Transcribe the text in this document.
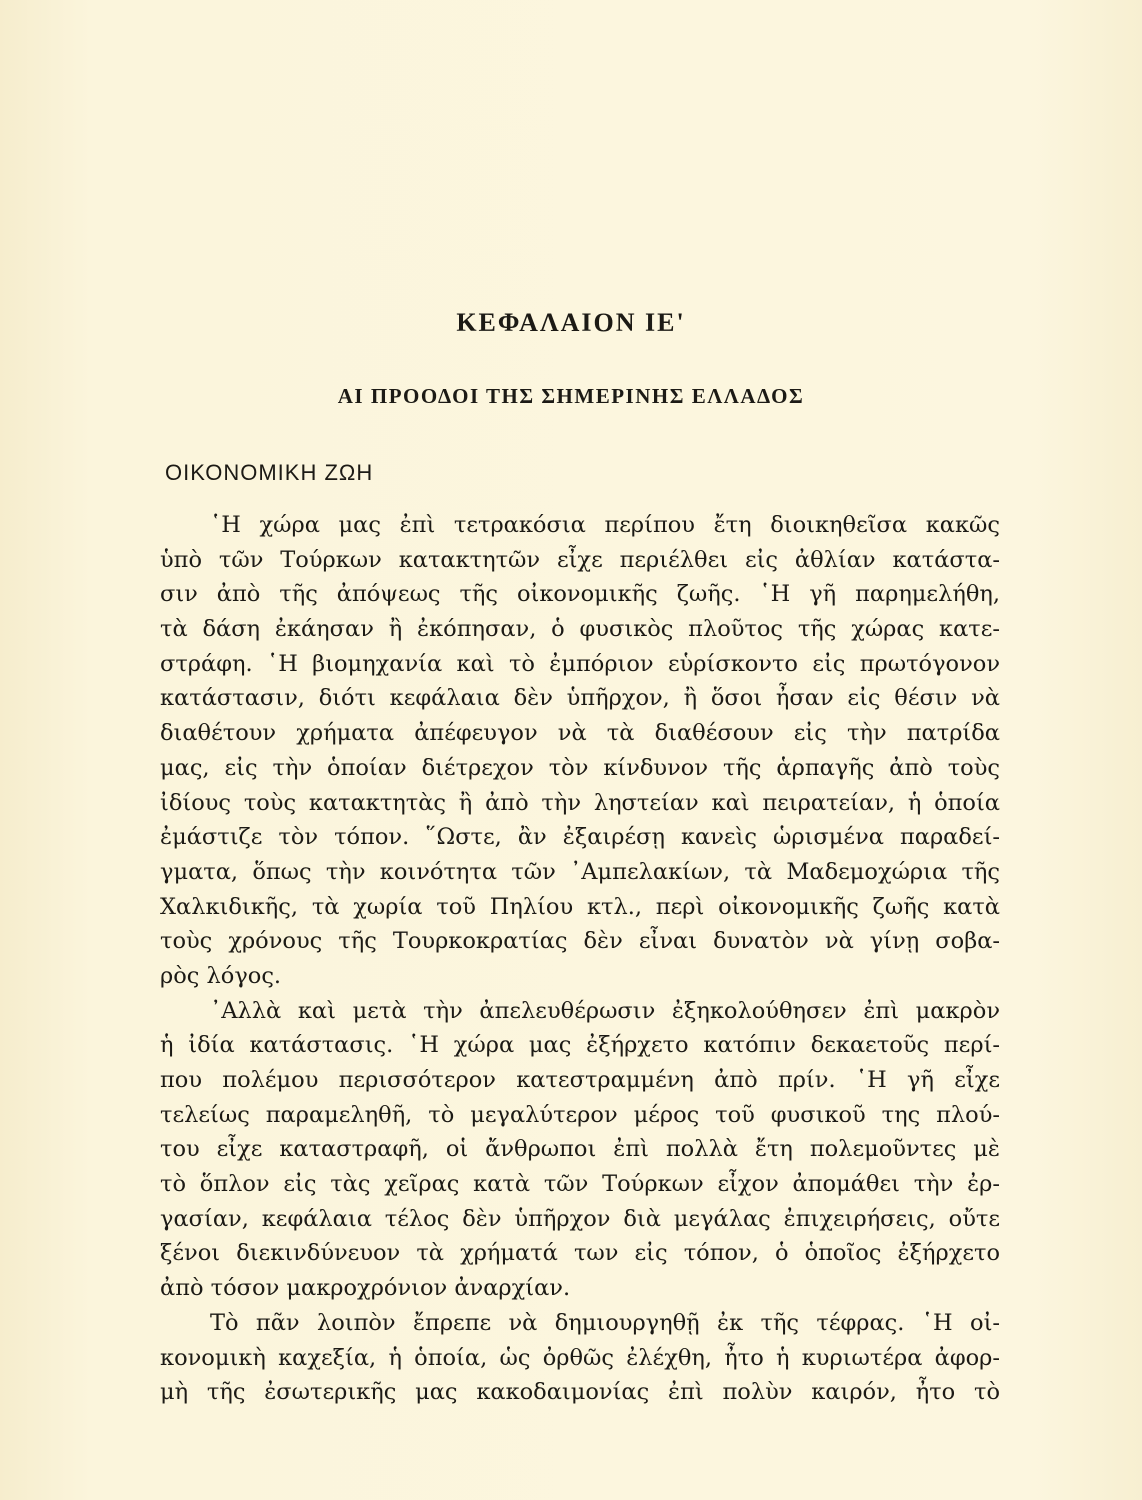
ΚΕΦΑΛΑΙΟΝ ΙΕ'
ΑΙ ΠΡΟΟΔΟΙ ΤΗΣ ΣΗΜΕΡΙΝΗΣ ΕΛΛΑΔΟΣ
ΟΙΚΟΝΟΜΙΚΗ ΖΩΗ
῾Η χώρα μας ἐπὶ τετρακόσια περίπου ἔτη διοικηθεῖσα κακῶς
ὑπὸ τῶν Τούρκων κατακτητῶν εἶχε περιέλθει εἰς ἀθλίαν κατάστα-
σιν ἀπὸ τῆς ἀπόψεως τῆς οἰκονομικῆς ζωῆς. ῾Η γῆ παρημελήθη,
τὰ δάση ἐκάησαν ἢ ἐκόπησαν, ὁ φυσικὸς πλοῦτος τῆς χώρας κατε-
στράφη. ῾Η βιομηχανία καὶ τὸ ἐμπόριον εὑρίσκοντο εἰς πρωτόγονον
κατάστασιν, διότι κεφάλαια δὲν ὑπῆρχον, ἢ ὅσοι ἦσαν εἰς θέσιν νὰ
διαθέτουν χρήματα ἀπέφευγον νὰ τὰ διαθέσουν εἰς τὴν πατρίδα
μας, εἰς τὴν ὁποίαν διέτρεχον τὸν κίνδυνον τῆς ἁρπαγῆς ἀπὸ τοὺς
ἰδίους τοὺς κατακτητὰς ἢ ἀπὸ τὴν ληστείαν καὶ πειρατείαν, ἡ ὁποία
ἐμάστιζε τὸν τόπον. ῞Ωστε, ἂν ἐξαιρέσῃ κανεὶς ὡρισμένα παραδεί-
γματα, ὅπως τὴν κοινότητα τῶν ᾿Αμπελακίων, τὰ Μαδεμοχώρια τῆς
Χαλκιδικῆς, τὰ χωρία τοῦ Πηλίου κτλ., περὶ οἰκονομικῆς ζωῆς κατὰ
τοὺς χρόνους τῆς Τουρκοκρατίας δὲν εἶναι δυνατὸν νὰ γίνῃ σοβα-
ρὸς λόγος.
᾿Αλλὰ καὶ μετὰ τὴν ἀπελευθέρωσιν ἐξηκολούθησεν ἐπὶ μακρὸν
ἡ ἰδία κατάστασις. ῾Η χώρα μας ἐξήρχετο κατόπιν δεκαετοῦς περί-
που πολέμου περισσότερον κατεστραμμένη ἀπὸ πρίν. ῾Η γῆ εἶχε
τελείως παραμεληθῆ, τὸ μεγαλύτερον μέρος τοῦ φυσικοῦ της πλού-
του εἶχε καταστραφῆ, οἱ ἄνθρωποι ἐπὶ πολλὰ ἔτη πολεμοῦντες μὲ
τὸ ὅπλον εἰς τὰς χεῖρας κατὰ τῶν Τούρκων εἶχον ἀπομάθει τὴν ἐρ-
γασίαν, κεφάλαια τέλος δὲν ὑπῆρχον διὰ μεγάλας ἐπιχειρήσεις, οὔτε
ξένοι διεκινδύνευον τὰ χρήματά των εἰς τόπον, ὁ ὁποῖος ἐξήρχετο
ἀπὸ τόσον μακροχρόνιον ἀναρχίαν.
Τὸ πᾶν λοιπὸν ἔπρεπε νὰ δημιουργηθῇ ἐκ τῆς τέφρας. ῾Η οἰ-
κονομικὴ καχεξία, ἡ ὁποία, ὡς ὀρθῶς ἐλέχθη, ἦτο ἡ κυριωτέρα ἀφορ-
μὴ τῆς ἐσωτερικῆς μας κακοδαιμονίας ἐπὶ πολὺν καιρόν, ἦτο τὸ
